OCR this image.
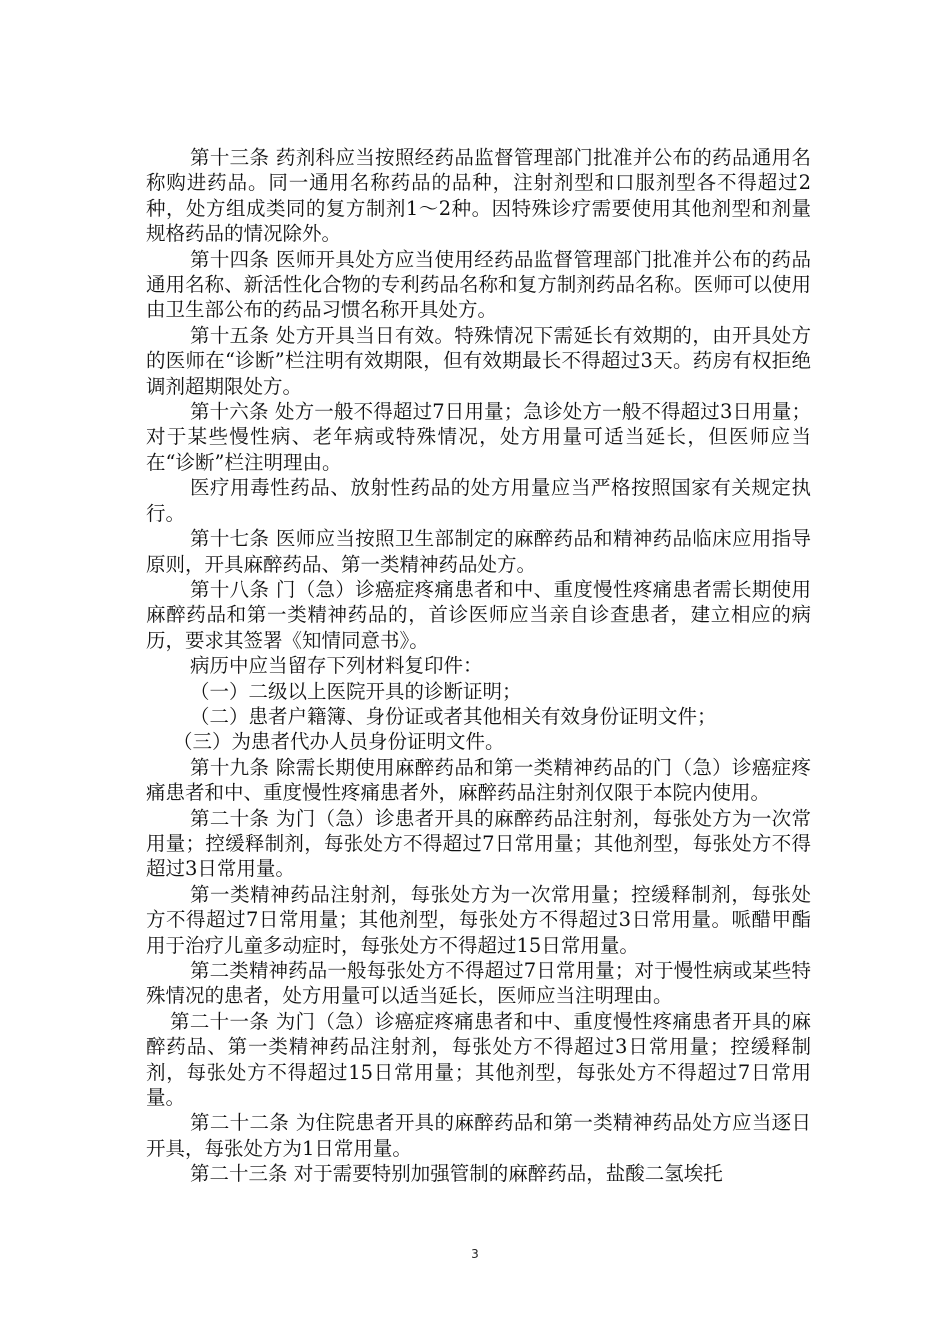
第十三条 药剂科应当按照经药品监督管理部门批准并公布的药品通用名称购进药品。同一通用名称药品的品种，注射剂型和口服剂型各不得超过2种，处方组成类同的复方制剂1～2种。因特殊诊疗需要使用其他剂型和剂量规格药品的情况除外。

第十四条 医师开具处方应当使用经药品监督管理部门批准并公布的药品通用名称、新活性化合物的专利药品名称和复方制剂药品名称。医师可以使用由卫生部公布的药品习惯名称开具处方。

第十五条 处方开具当日有效。特殊情况下需延长有效期的，由开具处方的医师在“诊断”栏注明有效期限，但有效期最长不得超过3天。药房有权拒绝调剂超期限处方。

第十六条 处方一般不得超过7日用量；急诊处方一般不得超过3日用量；对于某些慢性病、老年病或特殊情况，处方用量可适当延长，但医师应当在“诊断”栏注明理由。

医疗用毒性药品、放射性药品的处方用量应当严格按照国家有关规定执行。

第十七条 医师应当按照卫生部制定的麻醉药品和精神药品临床应用指导原则，开具麻醉药品、第一类精神药品处方。

第十八条 门（急）诊癌症疼痛患者和中、重度慢性疼痛患者需长期使用麻醉药品和第一类精神药品的，首诊医师应当亲自诊查患者，建立相应的病历，要求其签署《知情同意书》。

病历中应当留存下列材料复印件：

（一）二级以上医院开具的诊断证明；

（二）患者户籍簿、身份证或者其他相关有效身份证明文件；

（三）为患者代办人员身份证明文件。

第十九条 除需长期使用麻醉药品和第一类精神药品的门（急）诊癌症疼痛患者和中、重度慢性疼痛患者外，麻醉药品注射剂仅限于本院内使用。

第二十条 为门（急）诊患者开具的麻醉药品注射剂，每张处方为一次常用量；控缓释制剂，每张处方不得超过7日常用量；其他剂型，每张处方不得超过3日常用量。

第一类精神药品注射剂，每张处方为一次常用量；控缓释制剂，每张处方不得超过7日常用量；其他剂型，每张处方不得超过3日常用量。哌醋甲酯用于治疗儿童多动症时，每张处方不得超过15日常用量。

第二类精神药品一般每张处方不得超过7日常用量；对于慢性病或某些特殊情况的患者，处方用量可以适当延长，医师应当注明理由。

第二十一条 为门（急）诊癌症疼痛患者和中、重度慢性疼痛患者开具的麻醉药品、第一类精神药品注射剂，每张处方不得超过3日常用量；控缓释制剂，每张处方不得超过15日常用量；其他剂型，每张处方不得超过7日常用量。

第二十二条 为住院患者开具的麻醉药品和第一类精神药品处方应当逐日开具，每张处方为1日常用量。

第二十三条 对于需要特别加强管制的麻醉药品，盐酸二氢埃托

3
